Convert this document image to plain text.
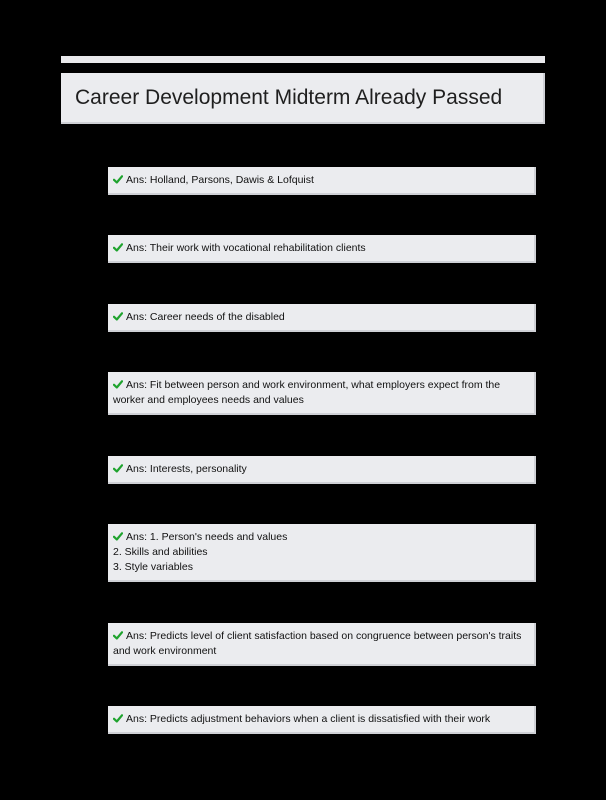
Career Development Midterm Already Passed
Ans: Holland, Parsons, Dawis & Lofquist
Ans: Their work with vocational rehabilitation clients
Ans: Career needs of the disabled
Ans: Fit between person and work environment, what employers expect from the
worker and employees needs and values
Ans: Interests, personality
Ans: 1. Person's needs and values
2. Skills and abilities
3. Style variables
Ans: Predicts level of client satisfaction based on congruence between person's traits
and work environment
Ans: Predicts adjustment behaviors when a client is dissatisfied with their work
